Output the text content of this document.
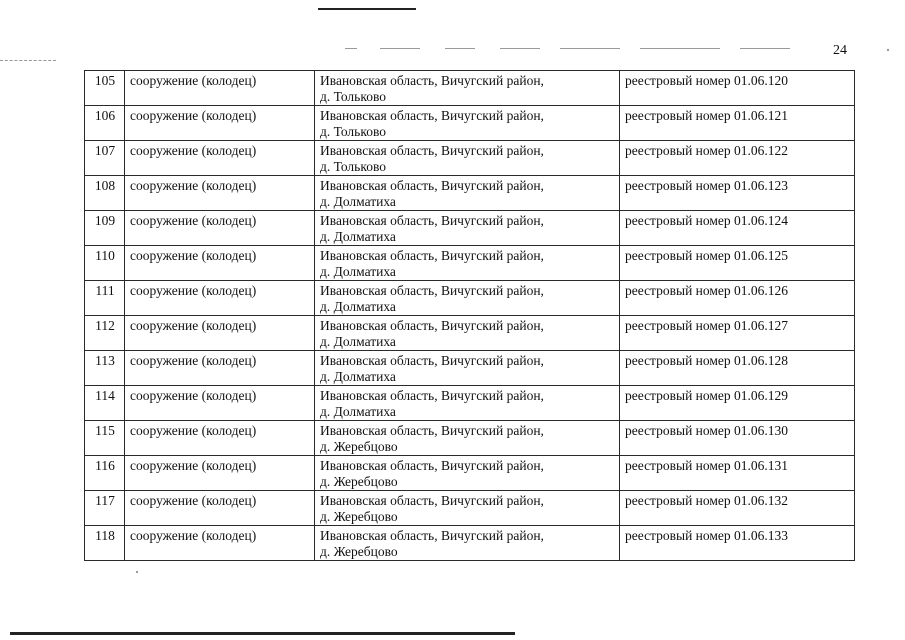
24
105	сооружение (колодец)	Ивановская область, Вичугский район,
д. Тольково	реестровый номер 01.06.120
106	сооружение (колодец)	Ивановская область, Вичугский район,
д. Тольково	реестровый номер 01.06.121
107	сооружение (колодец)	Ивановская область, Вичугский район,
д. Тольково	реестровый номер 01.06.122
108	сооружение (колодец)	Ивановская область, Вичугский район,
д. Долматиха	реестровый номер 01.06.123
109	сооружение (колодец)	Ивановская область, Вичугский район,
д. Долматиха	реестровый номер 01.06.124
110	сооружение (колодец)	Ивановская область, Вичугский район,
д. Долматиха	реестровый номер 01.06.125
111	сооружение (колодец)	Ивановская область, Вичугский район,
д. Долматиха	реестровый номер 01.06.126
112	сооружение (колодец)	Ивановская область, Вичугский район,
д. Долматиха	реестровый номер 01.06.127
113	сооружение (колодец)	Ивановская область, Вичугский район,
д. Долматиха	реестровый номер 01.06.128
114	сооружение (колодец)	Ивановская область, Вичугский район,
д. Долматиха	реестровый номер 01.06.129
115	сооружение (колодец)	Ивановская область, Вичугский район,
д. Жеребцово	реестровый номер 01.06.130
116	сооружение (колодец)	Ивановская область, Вичугский район,
д. Жеребцово	реестровый номер 01.06.131
117	сооружение (колодец)	Ивановская область, Вичугский район,
д. Жеребцово	реестровый номер 01.06.132
118	сооружение (колодец)	Ивановская область, Вичугский район,
д. Жеребцово	реестровый номер 01.06.133
